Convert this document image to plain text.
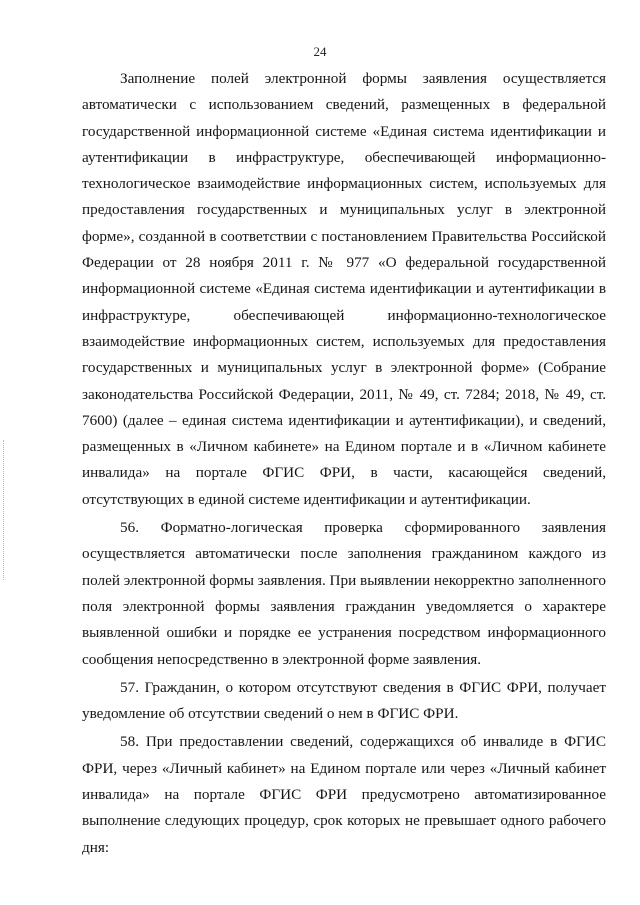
24

Заполнение полей электронной формы заявления осуществляется автоматически с использованием сведений, размещенных в федеральной государственной информационной системе «Единая система идентификации и аутентификации в инфраструктуре, обеспечивающей информационно-технологическое взаимодействие информационных систем, используемых для предоставления государственных и муниципальных услуг в электронной форме», созданной в соответствии с постановлением Правительства Российской Федерации от 28 ноября 2011 г. № 977 «О федеральной государственной информационной системе «Единая система идентификации и аутентификации в инфраструктуре, обеспечивающей информационно-технологическое взаимодействие информационных систем, используемых для предоставления государственных и муниципальных услуг в электронной форме» (Собрание законодательства Российской Федерации, 2011, № 49, ст. 7284; 2018, № 49, ст. 7600) (далее – единая система идентификации и аутентификации), и сведений, размещенных в «Личном кабинете» на Едином портале и в «Личном кабинете инвалида» на портале ФГИС ФРИ, в части, касающейся сведений, отсутствующих в единой системе идентификации и аутентификации.

56. Форматно-логическая проверка сформированного заявления осуществляется автоматически после заполнения гражданином каждого из полей электронной формы заявления. При выявлении некорректно заполненного поля электронной формы заявления гражданин уведомляется о характере выявленной ошибки и порядке ее устранения посредством информационного сообщения непосредственно в электронной форме заявления.

57. Гражданин, о котором отсутствуют сведения в ФГИС ФРИ, получает уведомление об отсутствии сведений о нем в ФГИС ФРИ.

58. При предоставлении сведений, содержащихся об инвалиде в ФГИС ФРИ, через «Личный кабинет» на Едином портале или через «Личный кабинет инвалида» на портале ФГИС ФРИ предусмотрено автоматизированное выполнение следующих процедур, срок которых не превышает одного рабочего дня:
